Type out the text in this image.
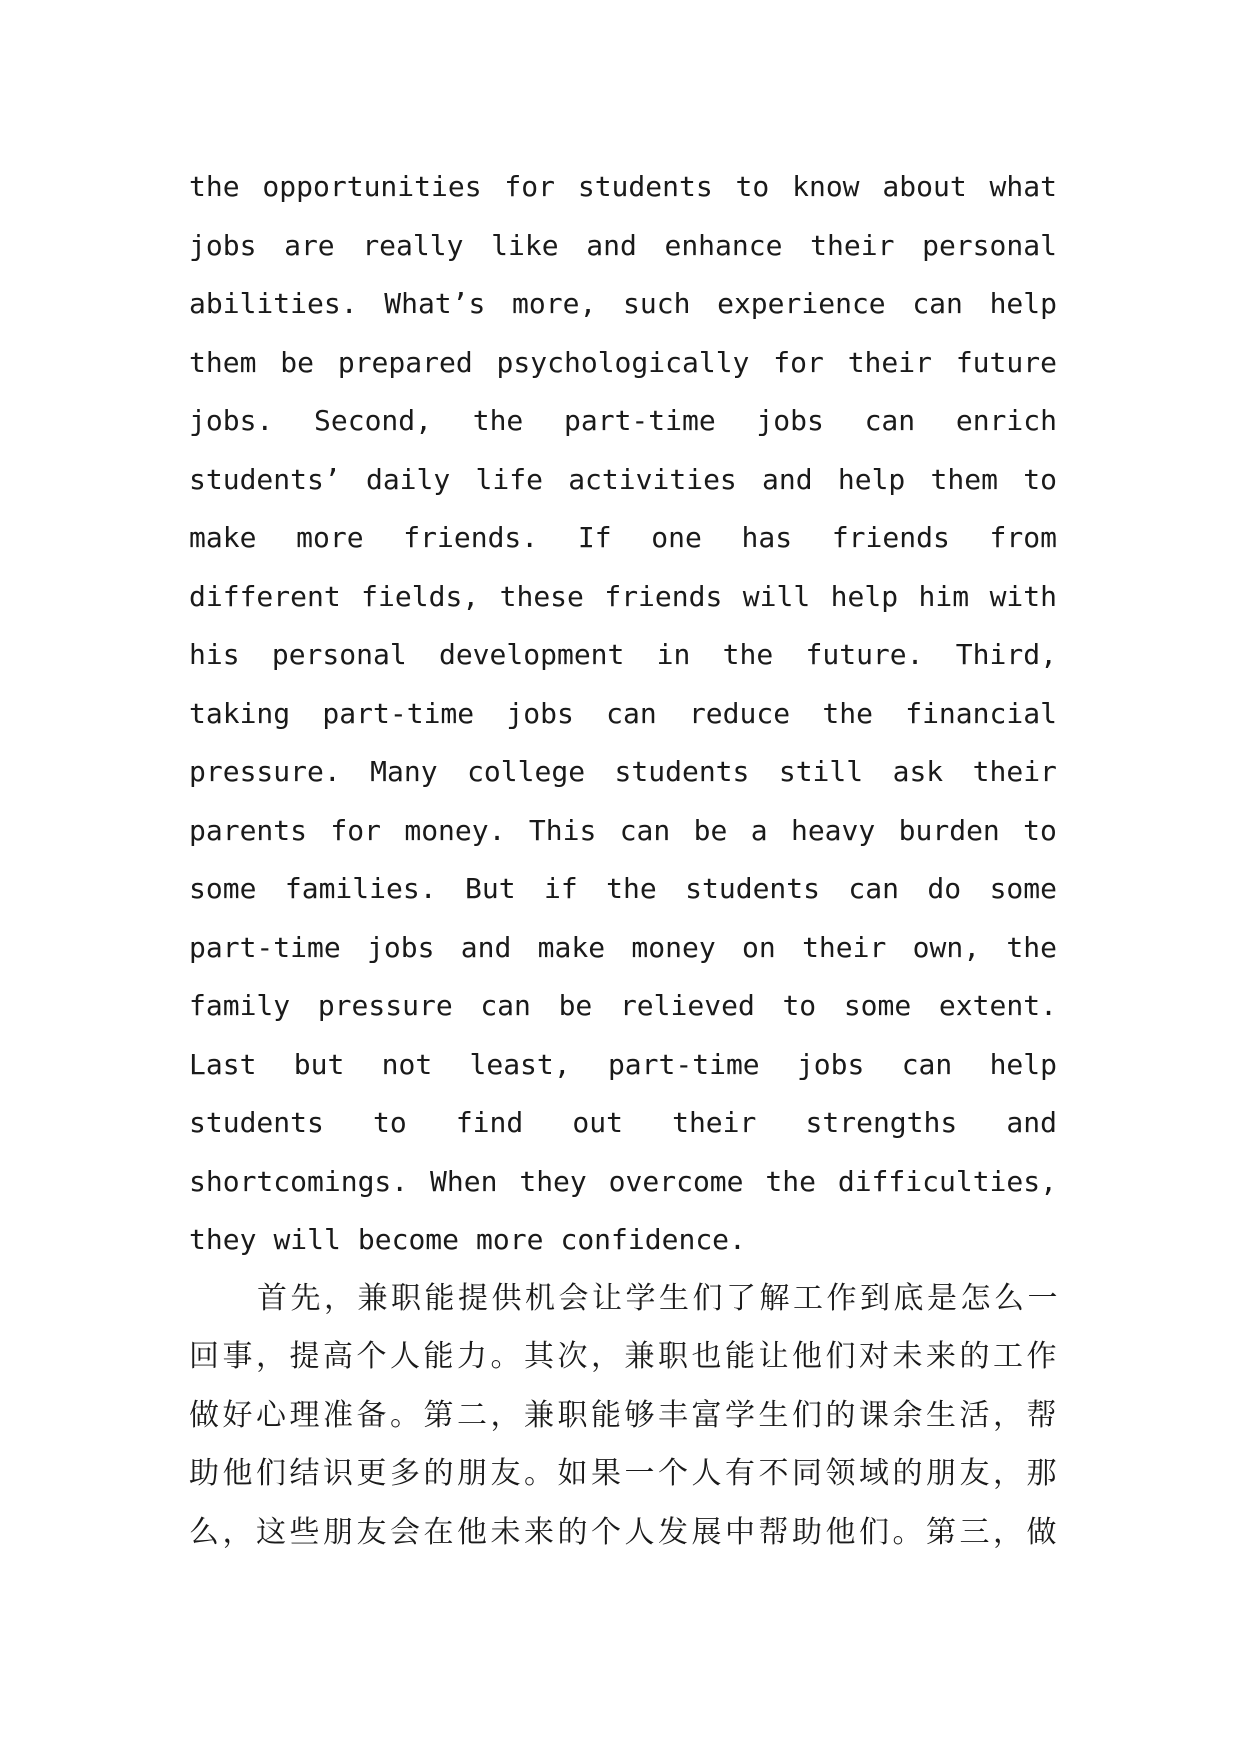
the opportunities for students to know about what
jobs are really like and enhance their personal
abilities. What’s more, such experience can help
them be prepared psychologically for their future
jobs. Second, the part-time jobs can enrich
students’ daily life activities and help them to
make more friends. If one has friends from
different fields, these friends will help him with
his personal development in the future. Third,
taking part-time jobs can reduce the financial
pressure. Many college students still ask their
parents for money. This can be a heavy burden to
some families. But if the students can do some
part-time jobs and make money on their own, the
family pressure can be relieved to some extent.
Last but not least, part-time jobs can help
students to find out their strengths and
shortcomings. When they overcome the difficulties,
they will become more confidence.
首先，兼职能提供机会让学生们了解工作到底是怎么一
回事，提高个人能力。其次，兼职也能让他们对未来的工作
做好心理准备。第二，兼职能够丰富学生们的课余生活，帮
助他们结识更多的朋友。如果一个人有不同领域的朋友，那
么，这些朋友会在他未来的个人发展中帮助他们。第三，做
